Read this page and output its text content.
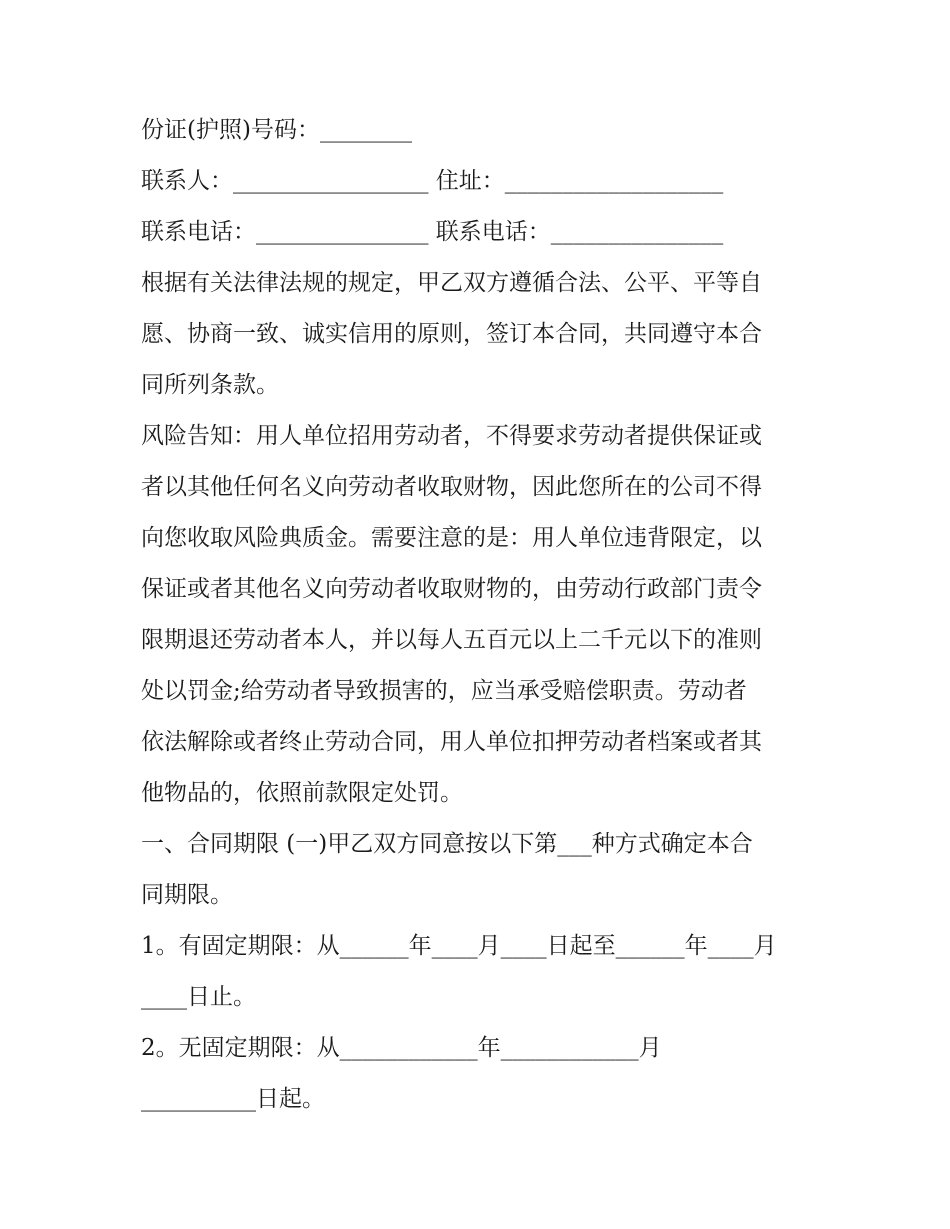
份证(护照)号码：________
联系人：_________________ 住址：___________________
联系电话：_______________ 联系电话：_______________
根据有关法律法规的规定，甲乙双方遵循合法、公平、平等自
愿、协商一致、诚实信用的原则，签订本合同，共同遵守本合
同所列条款。
风险告知：用人单位招用劳动者，不得要求劳动者提供保证或
者以其他任何名义向劳动者收取财物，因此您所在的公司不得
向您收取风险典质金。需要注意的是：用人单位违背限定，以
保证或者其他名义向劳动者收取财物的，由劳动行政部门责令
限期退还劳动者本人，并以每人五百元以上二千元以下的准则
处以罚金;给劳动者导致损害的，应当承受赔偿职责。劳动者
依法解除或者终止劳动合同，用人单位扣押劳动者档案或者其
他物品的，依照前款限定处罚。
一、合同期限 (一)甲乙双方同意按以下第___种方式确定本合
同期限。
1。有固定期限：从______年____月____日起至______年____月
____日止。
2。无固定期限：从____________年____________月
__________日起。
